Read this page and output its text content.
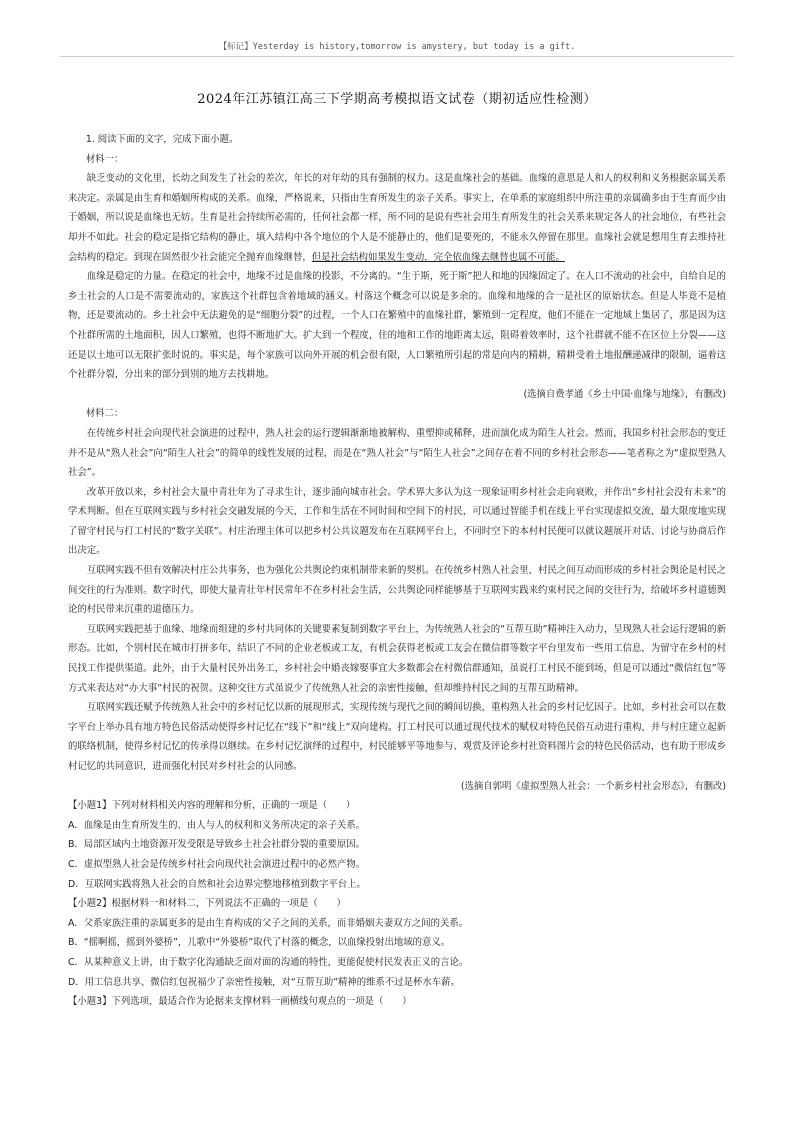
【标记】Yesterday is history,tomorrow is amystery, but today is a gift.
2024年江苏镇江高三下学期高考模拟语文试卷（期初适应性检测）

1. 阅读下面的文字，完成下面小题。

材料一：

缺乏变动的文化里，长幼之间发生了社会的差次，年长的对年幼的具有强制的权力。这是血缘社会的基础。血缘的意思是人和人的权利和义务根据亲属关系来决定。亲属是由生育和婚姻所构成的关系。血缘，严格说来，只指由生育所发生的亲子关系。事实上，在单系的家庭组织中所注重的亲属确多由于生育而少由于婚姻，所以说是血缘也无妨。生育是社会持续所必需的，任何社会都一样，所不同的是说有些社会用生育所发生的社会关系来规定各人的社会地位，有些社会却并不如此。社会的稳定是指它结构的静止，填入结构中各个地位的个人是不能静止的，他们是要死的，不能永久停留在那里。血缘社会就是想用生育去维持社会结构的稳定。到现在固然很少社会能完全抛弃血缘继替，但是社会结构如果发生变动，完全依血缘去继替也属不可能。

血缘是稳定的力量。在稳定的社会中，地缘不过是血缘的投影，不分离的。“生于斯，死于斯”把人和地的因缘固定了。在人口不流动的社会中，自给自足的乡土社会的人口是不需要流动的，家族这个社群包含着地域的涵义。村落这个概念可以说是多余的。血缘和地缘的合一是社区的原始状态。但是人毕竟不是植物，还是要流动的。乡土社会中无法避免的是“细胞分裂”的过程，一个人口在繁殖中的血缘社群，繁殖到一定程度，他们不能在一定地域上集居了，那是因为这个社群所需的土地面积，因人口繁殖，也得不断地扩大。扩大到一个程度，住的地和工作的地距离太远，阻碍着效率时，这个社群就不能不在区位上分裂——这还是以土地可以无限扩张时说的。事实是，每个家族可以向外开展的机会很有限，人口繁殖所引起的常是向内的精耕，精耕受着土地报酬递减律的限制，逼着这个社群分裂，分出来的部分到别的地方去找耕地。

(选摘自费孝通《乡土中国·血缘与地缘》，有删改)

材料二：

在传统乡村社会向现代社会演进的过程中，熟人社会的运行逻辑渐渐地被解构、重塑抑或稀释，进而演化成为陌生人社会。然而，我国乡村社会形态的变迁并不是从“熟人社会”向“陌生人社会”的简单的线性发展的过程，而是在“熟人社会”与“陌生人社会”之间存在着不同的乡村社会形态——笔者称之为“虚拟型熟人社会”。

改革开放以来，乡村社会大量中青壮年为了寻求生计，逐步涌向城市社会。学术界大多认为这一现象证明乡村社会走向衰败，并作出“乡村社会没有未来”的学术判断。但在互联网实践与乡村社会交融发展的今天，工作和生活在不同时间和空间下的村民，可以通过智能手机在线上平台实现虚拟交流，最大限度地实现了留守村民与打工村民的“数字关联”。村庄治理主体可以把乡村公共议题发布在互联网平台上，不同时空下的本村村民便可以就议题展开对话、讨论与协商后作出决定。

互联网实践不但有效解决村庄公共事务，也为强化公共舆论约束机制带来新的契机。在传统乡村熟人社会里，村民之间互动而形成的乡村社会舆论是村民之间交往的行为准则。数字时代，即使大量青壮年村民常年不在乡村社会生活，公共舆论同样能够基于互联网实践来约束村民之间的交往行为，给破坏乡村道德舆论的村民带来沉重的道德压力。

互联网实践把基于血缘、地缘而组建的乡村共同体的关键要素复制到数字平台上，为传统熟人社会的“互帮互助”精神注入动力，呈现熟人社会运行逻辑的新形态。比如，个别村民在城市打拼多年，结识了不同的企业老板或工友，有机会获得老板或工友会在微信群等数字平台里发布一些用工信息，为留守在乡村的村民找工作提供渠道。此外，由于大量村民外出务工，乡村社会中婚丧嫁娶事宜大多数都会在村微信群通知，虽说打工村民不能到场，但是可以通过“微信红包”等方式来表达对“办大事”村民的祝贺。这种交往方式虽说少了传统熟人社会的亲密性接触，但却维持村民之间的互帮互助精神。

互联网实践还赋予传统熟人社会中的乡村记忆以新的展现形式，实现传统与现代之间的瞬间切换，重构熟人社会的乡村记忆因子。比如，乡村社会可以在数字平台上举办具有地方特色民俗活动使得乡村记忆在“线下”和“线上”双向建构。打工村民可以通过现代技术的赋权对特色民俗互动进行重构，并与村庄建立起新的联络机制，使得乡村记忆的传承得以继续。在乡村记忆演绎的过程中，村民能够平等地参与、观赏及评论乡村社资料图片会的特色民俗活动，也有助于形成乡村记忆的共同意识，进而强化村民对乡村社会的认同感。

(选摘自郭明《虚拟型熟人社会：一个新乡村社会形态》，有删改)

【小题1】下列对材料相关内容的理解和分析，正确的一项是（　　）

A．血缘是由生育所发生的、由人与人的权利和义务所决定的亲子关系。

B．局部区域内土地资源开发受限是导致乡土社会社群分裂的重要原因。

C．虚拟型熟人社会是传统乡村社会向现代社会演进过程中的必然产物。

D．互联网实践将熟人社会的自然和社会边界完整地移植到数字平台上。

【小题2】根据材料一和材料二，下列说法不正确的一项是（　　）

A．父系家族注重的亲属更多的是由生育构成的父子之间的关系，而非婚姻夫妻双方之间的关系。

B．“摇啊摇，摇到外婆桥”，儿歌中“外婆桥”取代了村落的概念，以血缘投射出地域的意义。

C．从某种意义上讲，由于数字化沟通缺乏面对面的沟通的特性，更能促使村民发表正义的言论。

D．用工信息共享、微信红包祝福少了亲密性接触，对“互帮互助”精神的维系不过是杯水车薪。

【小题3】下列选项，最适合作为论据来支撑材料一画横线句观点的一项是（　　）
